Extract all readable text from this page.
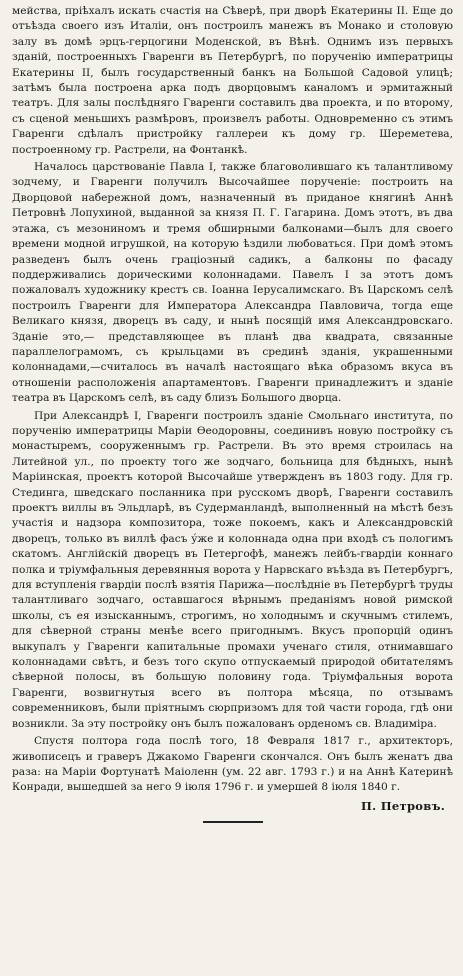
мейства, пріѣхалъ искать счастія на Сѣверѣ, при дворѣ Екатерины II. Еще до отъѣзда своего изъ Италіи, онъ построилъ манежъ въ Монако и столовую залу въ домѣ эрцъ-герцогини Моденской, въ Вѣнѣ. Однимъ изъ первыхъ зданій, построенныхъ Гваренги въ Петербургѣ, по порученію императрицы Екатерины II, былъ государственный банкъ на Большой Садовой улицѣ; затѣмъ была построена арка подъ дворцовымъ каналомъ и эрмитажный театръ. Для залы послѣдняго Гваренги составилъ два проекта, и по второму, съ сценой меньшихъ размѣровъ, произвелъ работы. Одновременно съ этимъ Гваренги сдѣлалъ пристройку галлереи къ дому гр. Шереметева, построенному гр. Растрели, на Фонтанкѣ.

Началось царствованіе Павла I, также благоволившаго къ талантливому зодчему, и Гваренги получилъ Высочайшее порученіе: построить на Дворцовой набережной домъ, назначенный въ приданое княгинѣ Аннѣ Петровнѣ Лопухиной, выданной за князя П. Г. Гагарина. Домъ этотъ, въ два этажа, съ мезониномъ и тремя обширными балконами—былъ для своего времени модной игрушкой, на которую ѣздили любоваться. При домѣ этомъ разведенъ былъ очень граціозный садикъ, а балконы по фасаду поддерживались дорическими колоннадами. Павелъ I за этотъ домъ пожаловалъ художнику крестъ св. Іоанна Іерусалимскаго. Въ Царскомъ селѣ построилъ Гваренги для Императора Александра Павловича, тогда еще Великаго князя, дворецъ въ саду, и нынѣ посящій имя Александровскаго. Зданіе это,— представляющее въ планѣ два квадрата, связанные параллелограмомъ, съ крыльцами въ срединѣ зданія, украшенными колоннадами,—считалось въ началѣ настоящаго вѣка образомъ вкуса въ отношеніи расположенія апартаментовъ. Гваренги принадлежитъ и зданіе театра въ Царскомъ селѣ, въ саду близъ Большого дворца.

При Александрѣ I, Гваренги построилъ зданіе Смольнаго института, по порученію императрицы Маріи Ѳеодоровны, соединивъ новую постройку съ монастыремъ, сооруженнымъ гр. Растрели. Въ это время строилась на Литейной ул., по проекту того же зодчаго, больница для бѣдныхъ, нынѣ Маріинская, проектъ которой Высочайше утвержденъ въ 1803 году. Для гр. Стединга, шведскаго посланника при русскомъ дворѣ, Гваренги составилъ проектъ виллы въ Эльдларѣ, въ Судерманландѣ, выполненный на мѣстѣ безъ участія и надзора композитора, тоже покоемъ, какъ и Александровскій дворецъ, только въ виллѣ фасъ ýже и колоннада одна при входѣ съ пологимъ скатомъ. Англійскій дворецъ въ Петергофѣ, манежъ лейбъ-гвардіи коннаго полка и тріумфальныя деревянныя ворота у Нарвскаго въѣзда въ Петербургъ, для вступленія гвардіи послѣ взятія Парижа—послѣдніе въ Петербургѣ труды талантливаго зодчаго, оставшагося вѣрнымъ преданіямъ новой римской школы, съ ея изысканнымъ, строгимъ, но холоднымъ и скучнымъ стилемъ, для сѣверной страны менѣе всего пригоднымъ. Вкусъ пропорцій одинъ выкупалъ у Гваренги капитальные промахи ученаго стиля, отнимавшаго колоннадами свѣтъ, и безъ того скупо отпускаемый природой обитателямъ сѣверной полосы, въ большую половину года. Тріумфальныя ворота Гваренги, возвигнутыя всего въ полтора мѣсяца, по отзывамъ современниковъ, были пріятнымъ сюрпризомъ для той части города, гдѣ они возникли. За эту постройку онъ былъ пожалованъ орденомъ св. Владиміра.

Спустя полтора года послѣ того, 18 Февраля 1817 г., архитекторъ, живописецъ и граверъ Джакомо Гваренги скончался. Онъ былъ женатъ два раза: на Маріи Фортунатѣ Маіоленн (ум. 22 авг. 1793 г.) и на Аннѣ Катеринѣ Конради, вышедшей за него 9 іюля 1796 г. и умершей 8 іюля 1840 г.

П. Петровъ.
